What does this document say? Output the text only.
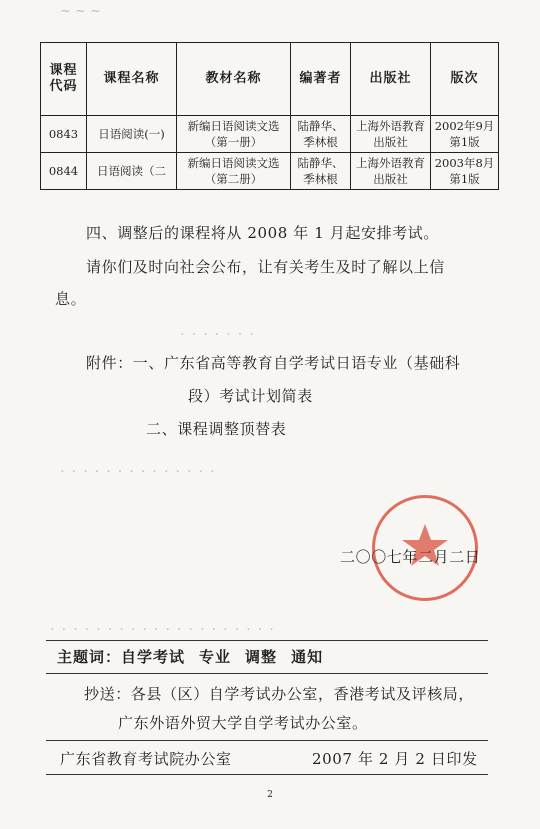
~ ~ ~
· · · · · · ·
· · · · · · · · · · · · · ·
· · · · · · · · · · · · · · · · · · · ·
课程代码	课程名称	教材名称	编著者	出版社	版次
0843	日语阅读(一)	新编日语阅读文选（第一册）	陆静华、季林根	上海外语教育出版社	2002年9月第1版
0844	日语阅读（二	新编日语阅读文选（第二册）	陆静华、季林根	上海外语教育出版社	2003年8月第1版
四、调整后的课程将从 2008 年 1 月起安排考试。
请你们及时向社会公布，让有关考生及时了解以上信
息。
附件：一、广东省高等教育自学考试日语专业（基础科
段）考试计划简表
二、课程调整顶替表
二〇〇七年二月二日
主题词：自学考试 专业 调整 通知
抄送：各县（区）自学考试办公室，香港考试及评核局，
广东外语外贸大学自学考试办公室。
广东省教育考试院办公室	2007 年 2 月 2 日印发
2
